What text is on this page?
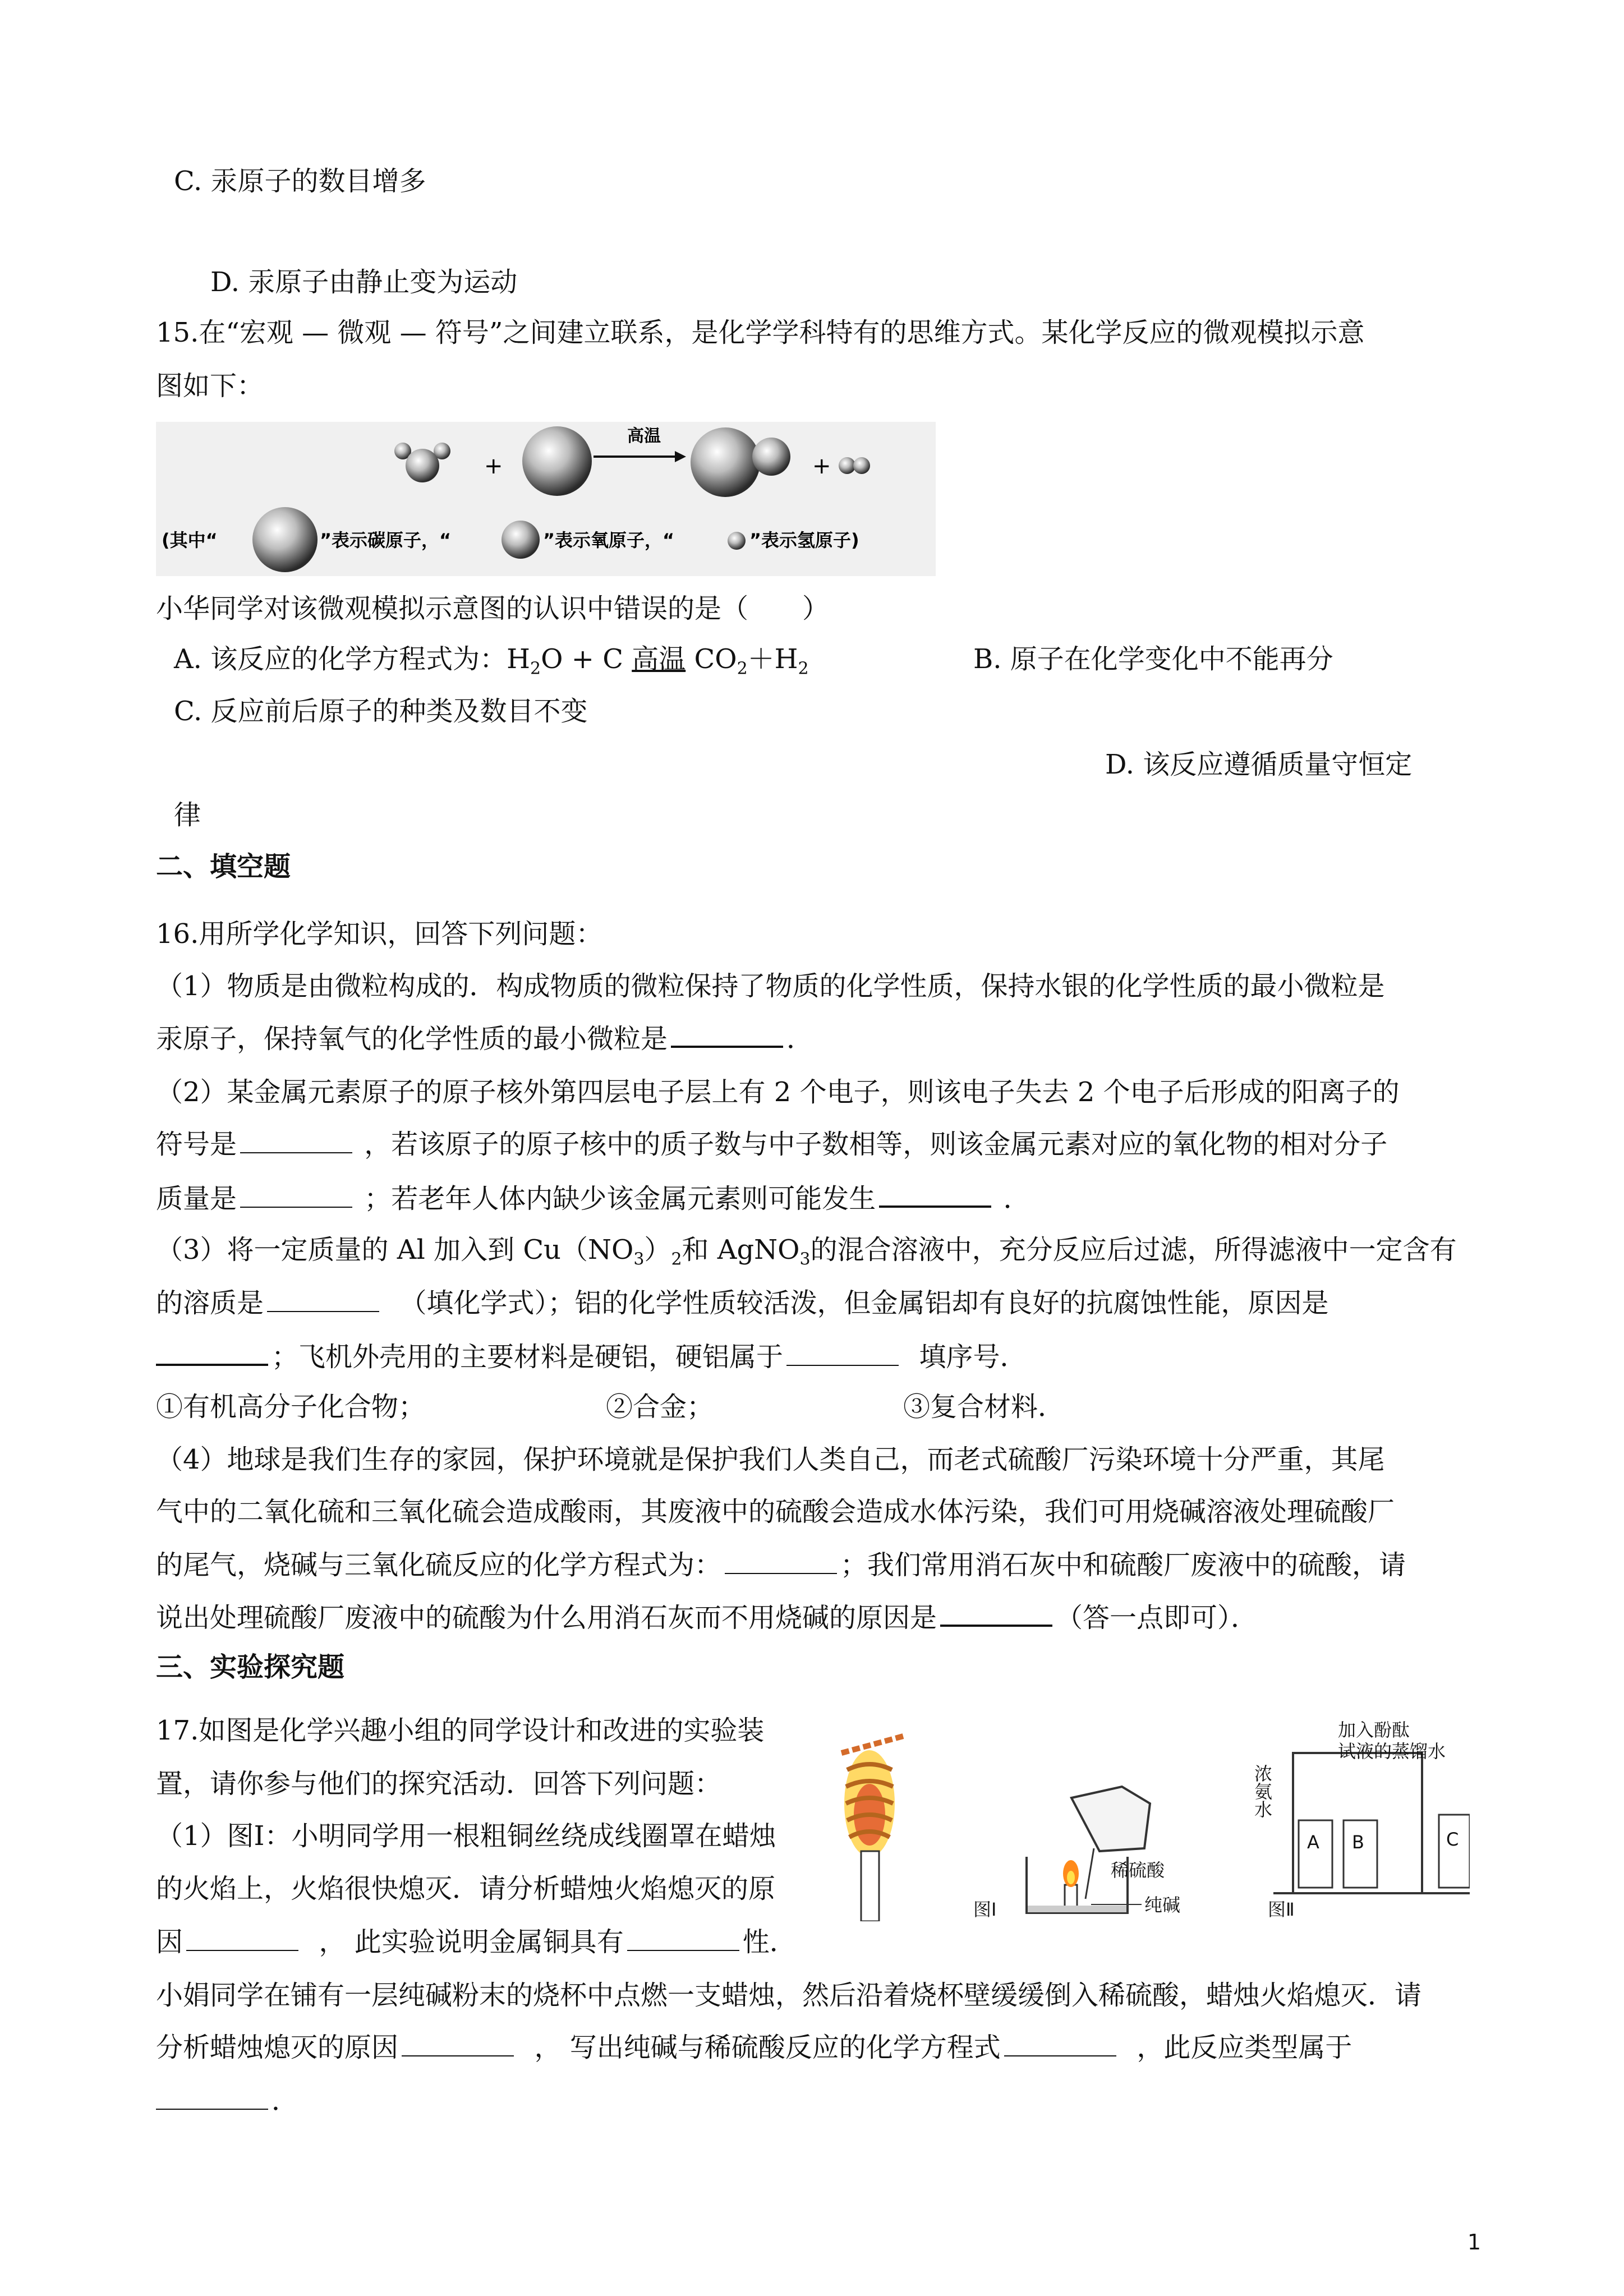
C. 汞原子的数目增多
D. 汞原子由静止变为运动
15.在“宏观 — 微观 — 符号”之间建立联系，是化学学科特有的思维方式。某化学反应的微观模拟示意
图如下：
+
高温
+
(其中“	”表示碳原子，“	”表示氧原子，“	”表示氢原子)
小华同学对该微观模拟示意图的认识中错误的是（　　）
A. 该反应的化学方程式为：$H_2O + C$ 高温 $CO_2+H_2$	B. 原子在化学变化中不能再分
C. 反应前后原子的种类及数目不变
D. 该反应遵循质量守恒定
律
二、填空题
16.用所学化学知识，回答下列问题：
（1）物质是由微粒构成的．构成物质的微粒保持了物质的化学性质，保持水银的化学性质的最小微粒是
汞原子，保持氧气的化学性质的最小微粒是	．
（2）某金属元素原子的原子核外第四层电子层上有 2 个电子，则该电子失去 2 个电子后形成的阳离子的
符号是	，若该原子的原子核中的质子数与中子数相等，则该金属元素对应的氧化物的相对分子
质量是	；若老年人体内缺少该金属元素则可能发生	．
（3）将一定质量的 Al 加入到 $Cu(NO_3)_2$和 AgNO$_3$的混合溶液中，充分反应后过滤，所得滤液中一定含有
的溶质是	（填化学式）；铝的化学性质较活泼，但金属铝却有良好的抗腐蚀性能，原因是
；飞机外壳用的主要材料是硬铝，硬铝属于	填序号．
①有机高分子化合物；	②合金；	③复合材料．
（4）地球是我们生存的家园，保护环境就是保护我们人类自己，而老式硫酸厂污染环境十分严重，其尾
气中的二氧化硫和三氧化硫会造成酸雨，其废液中的硫酸会造成水体污染，我们可用烧碱溶液处理硫酸厂
的尾气，烧碱与三氧化硫反应的化学方程式为：	；我们常用消石灰中和硫酸厂废液中的硫酸，请
说出处理硫酸厂废液中的硫酸为什么用消石灰而不用烧碱的原因是	（答一点即可）．
三、实验探究题
17.如图是化学兴趣小组的同学设计和改进的实验装
置，请你参与他们的探究活动．回答下列问题：
（1）图Ⅰ：小明同学用一根粗铜丝绕成线圈罩在蜡烛
的火焰上，火焰很快熄灭．请分析蜡烛火焰熄灭的原
因	， 此实验说明金属铜具有	性．
小娟同学在铺有一层纯碱粉末的烧杯中点燃一支蜡烛，然后沿着烧杯壁缓缓倒入稀硫酸，蜡烛火焰熄灭．请
分析蜡烛熄灭的原因	， 写出纯碱与稀硫酸反应的化学方程式	，此反应类型属于
．
稀硫酸
纯碱
图Ⅰ
浓氨水
A B	C
加入酚酞
试液的蒸馏水
图Ⅱ
1
